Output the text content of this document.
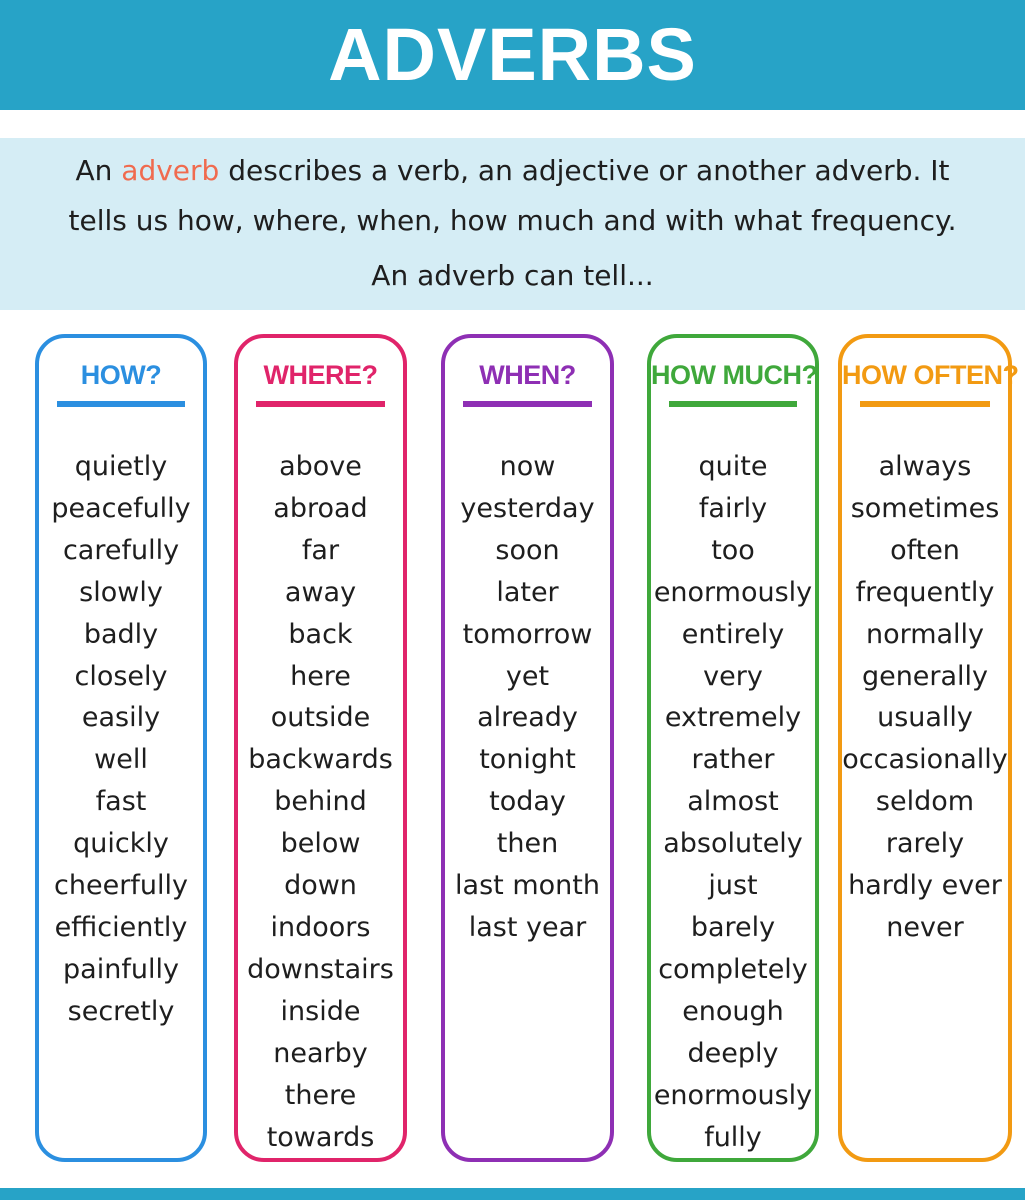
ADVERBS
An adverb describes a verb, an adjective or another adverb. It
tells us how, where, when, how much and with what frequency.
An adverb can tell...
HOW?
quietly
peacefully
carefully
slowly
badly
closely
easily
well
fast
quickly
cheerfully
efficiently
painfully
secretly
WHERE?
above
abroad
far
away
back
here
outside
backwards
behind
below
down
indoors
downstairs
inside
nearby
there
towards
WHEN?
now
yesterday
soon
later
tomorrow
yet
already
tonight
today
then
last month
last year
HOW MUCH?
quite
fairly
too
enormously
entirely
very
extremely
rather
almost
absolutely
just
barely
completely
enough
deeply
enormously
fully
HOW OFTEN?
always
sometimes
often
frequently
normally
generally
usually
occasionally
seldom
rarely
hardly ever
never
